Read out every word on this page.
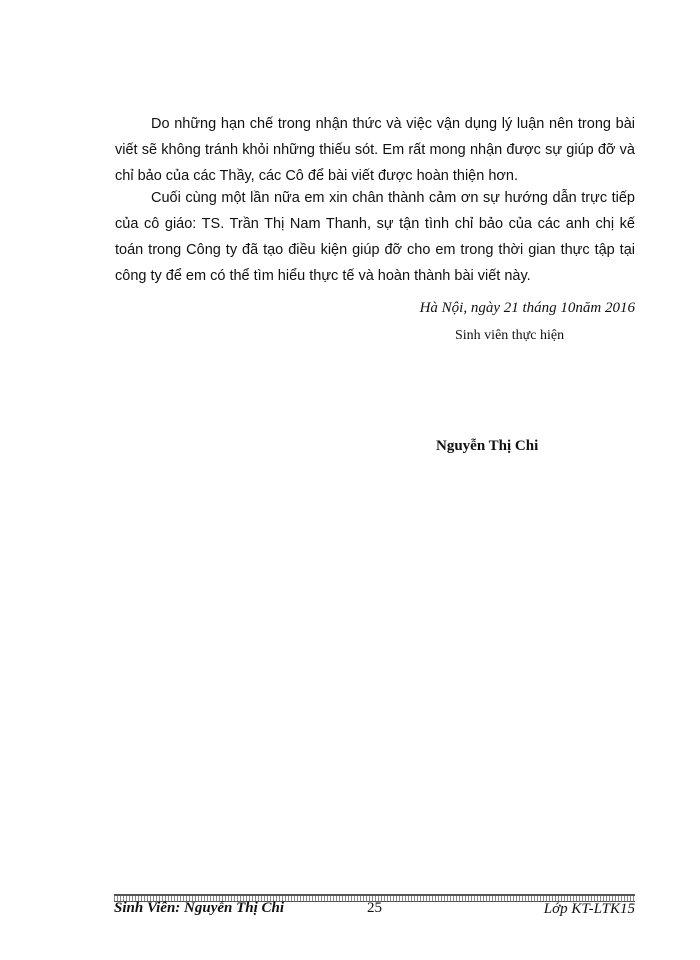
Do những hạn chế trong nhận thức và việc vận dụng lý luận nên trong bài viết sẽ không tránh khỏi những thiếu sót. Em rất mong nhận được sự giúp đỡ và chỉ bảo của các Thầy, các Cô để bài viết được hoàn thiện hơn.

Cuối cùng một lần nữa em xin chân thành cảm ơn sự hướng dẫn trực tiếp của cô giáo: TS. Trần Thị Nam Thanh, sự tận tình chỉ bảo của các anh chị kế toán trong Công ty đã tạo điều kiện giúp đỡ cho em trong thời gian thực tập tại công ty để em có thể tìm hiểu thực tế và hoàn thành bài viết này.

Hà Nội, ngày 21 tháng 10năm 2016

Sinh viên thực hiện

Nguyễn Thị Chi

Sinh Viên: Nguyễn Thị Chi	25	Lớp KT-LTK15
